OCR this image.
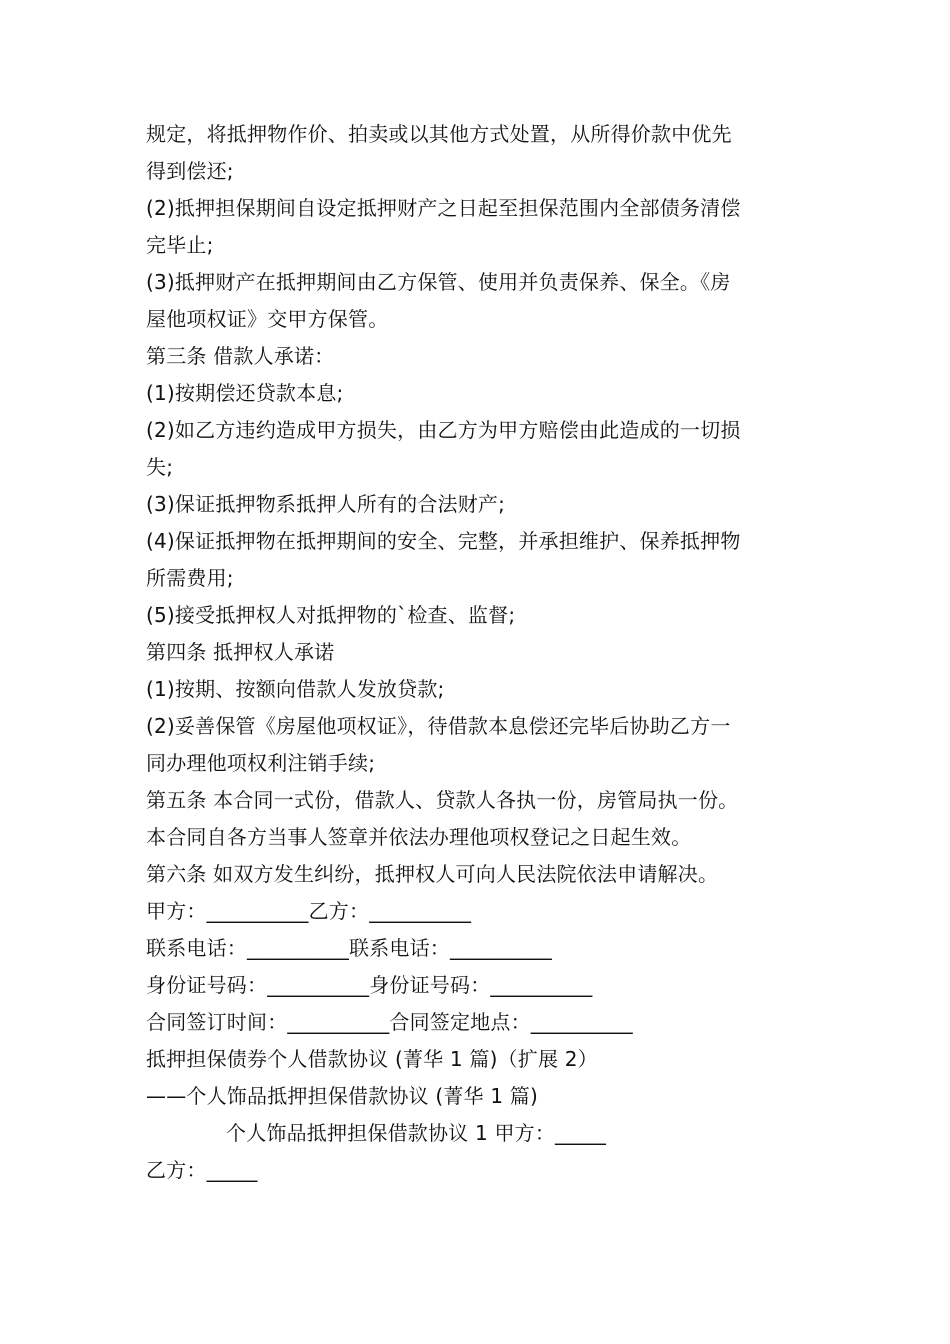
规定，将抵押物作价、拍卖或以其他方式处置，从所得价款中优先
得到偿还;
(2)抵押担保期间自设定抵押财产之日起至担保范围内全部债务清偿
完毕止;
(3)抵押财产在抵押期间由乙方保管、使用并负责保养、保全。《房
屋他项权证》交甲方保管。
第三条 借款人承诺：
(1)按期偿还贷款本息;
(2)如乙方违约造成甲方损失，由乙方为甲方赔偿由此造成的一切损
失;
(3)保证抵押物系抵押人所有的合法财产;
(4)保证抵押物在抵押期间的安全、完整，并承担维护、保养抵押物
所需费用;
(5)接受抵押权人对抵押物的`检查、监督;
第四条 抵押权人承诺
(1)按期、按额向借款人发放贷款;
(2)妥善保管《房屋他项权证》，待借款本息偿还完毕后协助乙方一
同办理他项权利注销手续;
第五条 本合同一式份，借款人、贷款人各执一份，房管局执一份。
本合同自各方当事人签章并依法办理他项权登记之日起生效。
第六条 如双方发生纠纷，抵押权人可向人民法院依法申请解决。
甲方：__________乙方：__________
联系电话：__________联系电话：__________
身份证号码：__________身份证号码：__________
合同签订时间：__________合同签定地点：__________
抵押担保债券个人借款协议 (菁华 1 篇)（扩展 2）
——个人饰品抵押担保借款协议 (菁华 1 篇)
个人饰品抵押担保借款协议 1 甲方：_____
乙方：_____
